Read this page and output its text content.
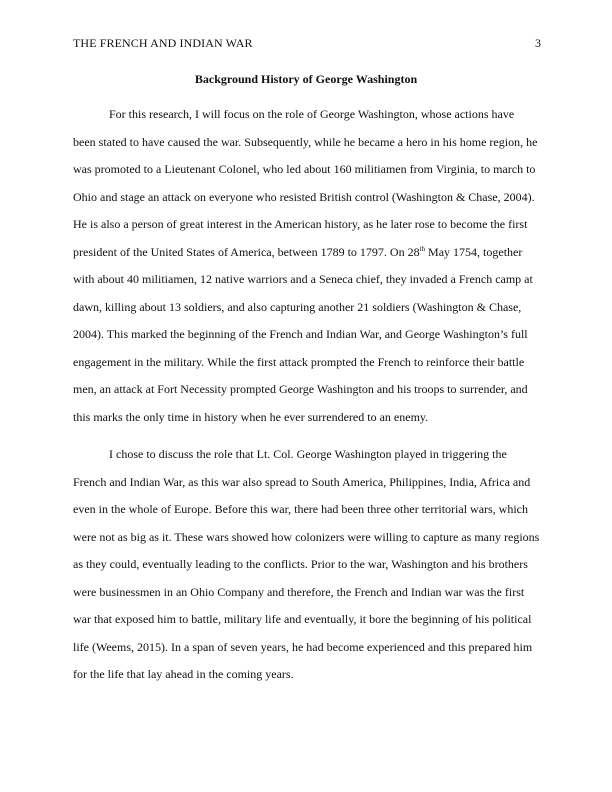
THE FRENCH AND INDIAN WAR	3
Background History of George Washington
For this research, I will focus on the role of George Washington, whose actions have
been stated to have caused the war. Subsequently, while he became a hero in his home region, he
was promoted to a Lieutenant Colonel, who led about 160 militiamen from Virginia, to march to
Ohio and stage an attack on everyone who resisted British control (Washington & Chase, 2004).
He is also a person of great interest in the American history, as he later rose to become the first
president of the United States of America, between 1789 to 1797. On 28th May 1754, together
with about 40 militiamen, 12 native warriors and a Seneca chief, they invaded a French camp at
dawn, killing about 13 soldiers, and also capturing another 21 soldiers (Washington & Chase,
2004). This marked the beginning of the French and Indian War, and George Washington’s full
engagement in the military. While the first attack prompted the French to reinforce their battle
men, an attack at Fort Necessity prompted George Washington and his troops to surrender, and
this marks the only time in history when he ever surrendered to an enemy.
I chose to discuss the role that Lt. Col. George Washington played in triggering the
French and Indian War, as this war also spread to South America, Philippines, India, Africa and
even in the whole of Europe. Before this war, there had been three other territorial wars, which
were not as big as it. These wars showed how colonizers were willing to capture as many regions
as they could, eventually leading to the conflicts. Prior to the war, Washington and his brothers
were businessmen in an Ohio Company and therefore, the French and Indian war was the first
war that exposed him to battle, military life and eventually, it bore the beginning of his political
life (Weems, 2015). In a span of seven years, he had become experienced and this prepared him
for the life that lay ahead in the coming years.
